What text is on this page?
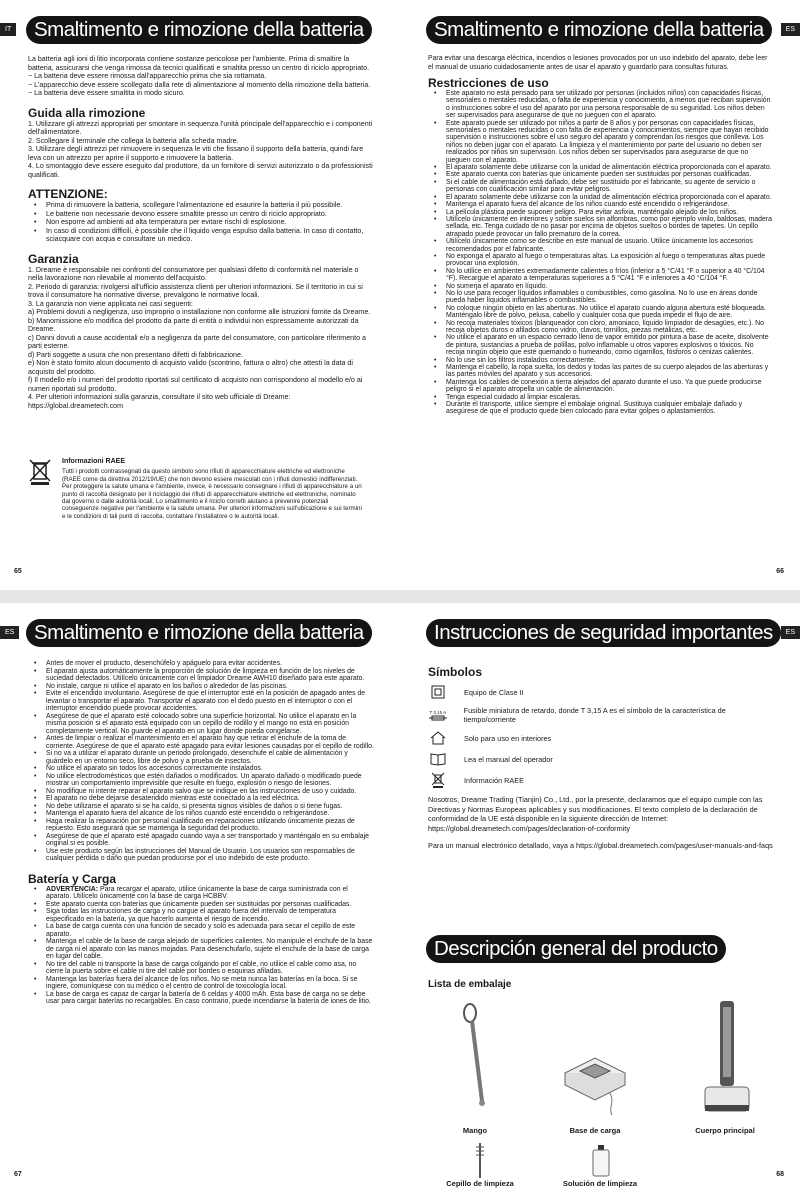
IT	Smaltimento e rimozione della batteria

La batteria agli ioni di litio incorporata contiene sostanze pericolose per l'ambiente. Prima di smaltire la batteria, assicurarsi che venga rimossa da tecnici qualificati e smaltita presso un centro di riciclo appropriato.

− La batteria deve essere rimossa dall'apparecchio prima che sia rottamata.

− L'apparecchio deve essere scollegato dalla rete di alimentazione al momento della rimozione della batteria.

− La batteria deve essere smaltita in modo sicuro.

Guida alla rimozione

1. Utilizzare gli attrezzi appropriati per smontare in sequenza l'unità principale dell'apparecchio e i componenti dell'alimentatore.

2. Scollegare il terminale che collega la batteria alla scheda madre.

3. Utilizzare degli attrezzi per rimuovere in sequenza le viti che fissano il supporto della batteria, quindi fare leva con un attrezzo per aprire il supporto e rimuovere la batteria.

4. Lo smontaggio deve essere eseguito dal produttore, da un fornitore di servizi autorizzato o da professionisti qualificati.

ATTENZIONE:
• Prima di rimuovere la batteria, scollegare l'alimentazione ed esaurire la batteria il più possibile.
• Le batterie non necessarie devono essere smaltite presso un centro di riciclo appropriato.
• Non esporre ad ambienti ad alta temperatura per evitare rischi di esplosione.
• In caso di condizioni difficili, è possibile che il liquido venga espulso dalla batteria. In caso di contatto, sciacquare con acqua e consultare un medico.
Garanzia

1. Dreame è responsabile nei confronti del consumatore per qualsiasi difetto di conformità nel materiale o nella lavorazione non rilevabile al momento dell'acquisto.

2. Periodo di garanzia: rivolgersi all'ufficio assistenza clienti per ulteriori informazioni. Se il territorio in cui si trova il consumatore ha normative diverse, prevalgono le normative locali.

3. La garanzia non viene applicata nei casi seguenti:

a) Problemi dovuti a negligenza, uso improprio o installazione non conforme alle istruzioni fornite da Dreame.

b) Manomissione e/o modifica del prodotto da parte di entità o individui non espressamente autorizzati da Dreame.

c) Danni dovuti a cause accidentali e/o a negligenza da parte del consumatore, con particolare riferimento a parti esterne.

d) Parti soggette a usura che non presentano difetti di fabbricazione.

e) Non è stato fornito alcun documento di acquisto valido (scontrino, fattura o altro) che attesti la data di acquisto del prodotto.

f) Il modello e/o i numeri del prodotto riportati sul certificato di acquisto non corrispondono al modello e/o ai numeri riportati sul prodotto.

4. Per ulteriori informazioni sulla garanzia, consultare il sito web ufficiale di Dreame: https://global.dreametech.com

Informazioni RAEE
Tutti i prodotti contrassegnati da questo simbolo sono rifiuti di apparecchiature elettriche ed elettroniche (RAEE come da direttiva 2012/19/UE) che non devono essere mescolati con i rifiuti domestici indifferenziati. Per proteggere la salute umana e l'ambiente, invece, è necessario consegnare i rifiuti di apparecchiature a un punto di raccolta designato per il riciclaggio dei rifiuti di apparecchiature elettriche ed elettroniche, nominato dal governo o dalle autorità locali. Lo smaltimento e il riciclo corretti aiutano a prevenire potenziali conseguenze negative per l'ambiente e la salute umana. Per ulteriori informazioni sull'ubicazione e sui termini e le condizioni di tali punti di raccolta, contattare l'installatore o le autorità locali.
65
ES
Smaltimento e rimozione della batteria

Para evitar una descarga eléctrica, incendios o lesiones provocados por un uso indebido del aparato, debe leer el manual de usuario cuidadosamente antes de usar el aparato y guardarlo para consultas futuras.

Restricciones de uso
• Este aparato no está pensado para ser utilizado por personas (incluidos niños) con capacidades físicas, sensoriales o mentales reducidas, o falta de experiencia y conocimiento, a menos que reciban supervisión o instrucciones sobre el uso del aparato por una persona responsable de su seguridad. Los niños deben ser supervisados para asegurarse de que no jueguen con el aparato.
• Este aparato puede ser utilizado por niños a partir de 8 años y por personas con capacidades físicas, sensoriales o mentales reducidas o con falta de experiencia y conocimientos, siempre que hayan recibido supervisión o instrucciones sobre el uso seguro del aparato y comprendan los riesgos que conlleva. Los niños no deben jugar con el aparato. La limpieza y el mantenimiento por parte del usuario no deben ser realizados por niños sin supervisión. Los niños deben ser supervisados para asegurarse de que no jueguen con el aparato.
• El aparato solamente debe utilizarse con la unidad de alimentación eléctrica proporcionada con el aparato.
• Este aparato cuenta con baterías que únicamente pueden ser sustituidas por personas cualificadas.
• Si el cable de alimentación está dañado, debe ser sustituido por el fabricante, su agente de servicio o personas con cualificación similar para evitar peligros.
• El aparato solamente debe utilizarse con la unidad de alimentación eléctrica proporcionada con el aparato.
• Mantenga el aparato fuera del alcance de los niños cuando esté encendido o refrigerándose.
• La película plástica puede suponer peligro. Para evitar asfixia, manténgalo alejado de los niños.
• Utilícelo únicamente en interiores y sobre suelos sin alfombras, como por ejemplo vinilo, baldosas, madera sellada, etc. Tenga cuidado de no pasar por encima de objetos sueltos o bordes de tapetes. Un cepillo atrapado puede provocar un fallo prematuro de la correa.
• Utilícelo únicamente como se describe en este manual de usuario. Utilice únicamente los accesorios recomendados por el fabricante.
• No exponga el aparato al fuego o temperaturas altas. La exposición al fuego o temperaturas altas puede provocar una explosión.
• No lo utilice en ambientes extremadamente calientes o fríos (inferior a 5 °C/41 °F o superior a 40 °C/104 °F). Recargue el aparato a temperaturas superiores a 5 °C/41 °F e inferiores a 40 °C/104 °F.
• No sumerja el aparato en líquido.
• No lo use para recoger líquidos inflamables o combustibles, como gasolina. No lo use en áreas donde pueda haber líquidos inflamables o combustibles.
• No coloque ningún objeto en las aberturas. No utilice el aparato cuando alguna abertura esté bloqueada. Manténgalo libre de polvo, pelusa, cabello y cualquier cosa que pueda impedir el flujo de aire.
• No recoja materiales tóxicos (blanqueador con cloro, amoniaco, líquido limpiador de desagües, etc.). No recoja objetos duros o afilados como vidrio, clavos, tornillos, piezas metálicas, etc.
• No utilice el aparato en un espacio cerrado lleno de vapor emitido por pintura a base de aceite, disolvente de pintura, sustancias a prueba de polillas, polvo inflamable u otros vapores explosivos o tóxicos. No recoja ningún objeto que esté quemando o humeando, como cigarrillos, fósforos o cenizas calientes.
• No lo use sin los filtros instalados correctamente.
• Mantenga el cabello, la ropa suelta, los dedos y todas las partes de su cuerpo alejados de las aberturas y las partes móviles del aparato y sus accesorios.
• Mantenga los cables de conexión a tierra alejados del aparato durante el uso. Ya que puede producirse peligro si el aparato atropella un cable de alimentación.
• Tenga especial cuidado al limpiar escaleras.
• Durante el transporte, utilice siempre el embalaje original. Sustituya cualquier embalaje dañado y asegúrese de que el producto quede bien colocado para evitar golpes o aplastamientos.
66
ES Smaltimento e rimozione della batteria
• Antes de mover el producto, desenchúfelo y apáguelo para evitar accidentes.
• El aparato ajusta automáticamente la proporción de solución de limpieza en función de los niveles de suciedad detectados. Utilícelo únicamente con el limpiador Dreame AWH10 diseñado para este aparato.
• No instale, cargue ni utilice el aparato en los baños o alrededor de las piscinas.
• Evite el encendido involuntario. Asegúrese de que el interruptor esté en la posición de apagado antes de levantar o transportar el aparato. Transportar el aparato con el dedo puesto en el interruptor o con el interruptor encendido puede provocar accidentes.
• Asegúrese de que el aparato esté colocado sobre una superficie horizontal. No utilice el aparato en la misma posición si el aparato está equipado con un cepillo de rodillo y el mango no está en posición completamente vertical. No guarde el aparato en un lugar donde pueda congelarse.
• Antes de limpiar o realizar el mantenimiento en el aparato hay que retirar el enchufe de la toma de corriente. Asegúrese de que el aparato esté apagado para evitar lesiones causadas por el cepillo de rodillo.
• Si no va a utilizar el aparato durante un periodo prolongado, desenchufe el cable de alimentación y guárdelo en un entorno seco, libre de polvo y a prueba de insectos.
• No utilice el aparato sin todos los accesorios correctamente instalados.
• No utilice electrodomésticos que estén dañados o modificados. Un aparato dañado o modificado puede mostrar un comportamiento imprevisible que resulte en fuego, explosión o riesgo de lesiones.
• No modifique ni intente reparar el aparato salvo que se indique en las instrucciones de uso y cuidado.
• El aparato no debe dejarse desatendido mientras esté conectado a la red eléctrica.
• No debe utilizarse el aparato si se ha caído, si presenta signos visibles de daños o si tiene fugas.
• Mantenga el aparato fuera del alcance de los niños cuando esté encendido o refrigerándose.
• Haga realizar la reparación por personal cualificado en reparaciones utilizando únicamente piezas de repuesto. Esto asegurará que se mantenga la seguridad del producto.
• Asegúrese de que el aparato esté apagado cuando vaya a ser transportado y manténgalo en su embalaje original si es posible.
• Use este producto según las instrucciones del Manual de Usuario. Los usuarios son responsables de cualquier pérdida o daño que puedan producirse por el uso indebido de este producto.
Batería y Carga
• ADVERTENCIA: Para recargar el aparato, utilice únicamente la base de carga suministrada con el aparato. Utilícelo únicamente con la base de carga HCBBV.
• Este aparato cuenta con baterías que únicamente pueden ser sustituidas por personas cualificadas.
• Siga todas las instrucciones de carga y no cargue el aparato fuera del intervalo de temperatura especificado en la batería, ya que hacerlo aumenta el riesgo de incendio.
• La base de carga cuenta con una función de secado y solo es adecuada para secar el cepillo de este aparato.
• Mantenga el cable de la base de carga alejado de superficies calientes. No manipule el enchufe de la base de carga ni el aparato con las manos mojadas. Para desenchufarlo, sujete el enchufe de la base de carga en lugar del cable.
• No tire del cable ni transporte la base de carga colgando por el cable, no utilice el cable como asa, no cierre la puerta sobre el cable ni tire del cable por bordes o esquinas afiladas.
• Mantenga las baterías fuera del alcance de los niños. No se meta nunca las baterías en la boca. Si se ingiere, comuníquese con su médico o el centro de control de toxicología local.
• La base de carga es capaz de cargar la batería de 6 celdas y 4000 mAh. Esta base de carga no se debe usar para cargar baterías no recargables. En caso contrario, puede incendiarse la batería de iones de litio.
67
ES
Instrucciones de seguridad importantes
Símbolos
Equipo de Clase II
T 3,15 A Fusible miniatura de retardo, donde T 3,15 A es el símbolo de la característica de tiempo/corriente
Solo para uso en interiores
Lea el manual del operador
Información RAEE

Nosotros, Dreame Trading (Tianjin) Co., Ltd., por la presente, declaramos que el equipo cumple con las Directivas y Normas Europeas aplicables y sus modificaciones. El texto completo de la declaración de conformidad de la UE está disponible en la siguiente dirección de Internet: https://global.dreametech.com/pages/declaration-of-conformity

Para un manual electrónico detallado, vaya a https://global.dreametech.com/pages/user-manuals-and-faqs

Descripción general del producto
Lista de embalaje
Mango	Base de carga	Cuerpo principal
Cepillo de limpieza	Solución de limpieza
68
